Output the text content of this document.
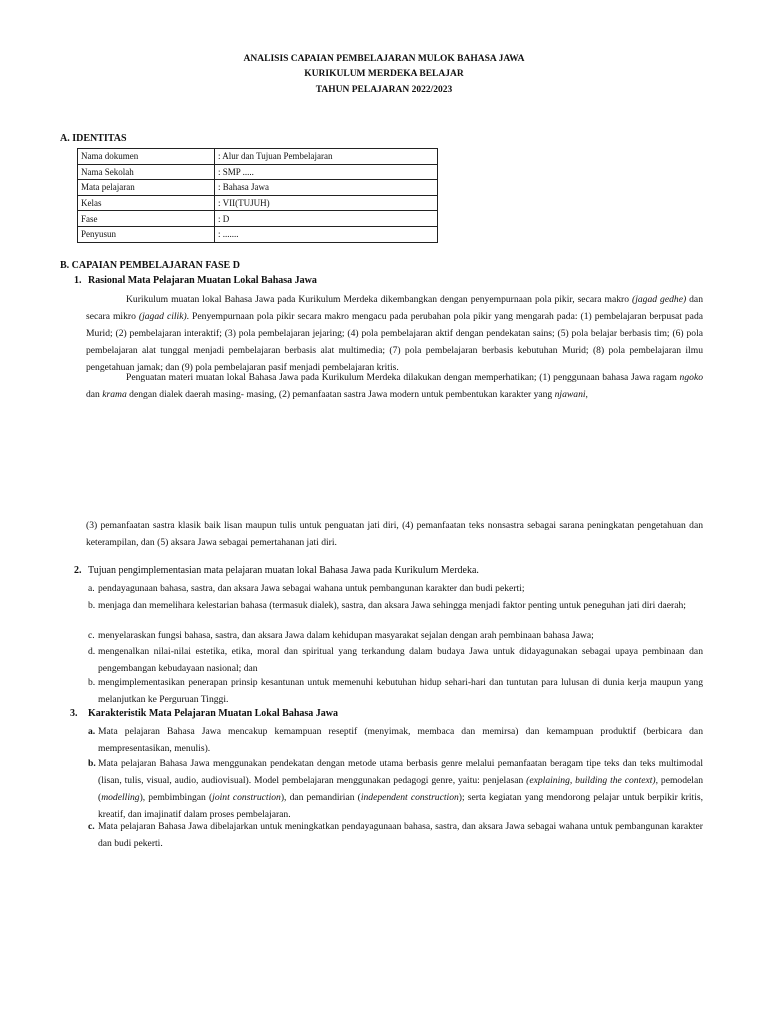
ANALISIS CAPAIAN PEMBELAJARAN MULOK BAHASA JAWA
KURIKULUM MERDEKA BELAJAR
TAHUN PELAJARAN 2022/2023
A. IDENTITAS
Nama dokumen	: Alur dan Tujuan Pembelajaran
Nama Sekolah	: SMP .....
Mata pelajaran	: Bahasa Jawa
Kelas	: VII(TUJUH)
Fase	: D
Penyusun	: .......
B. CAPAIAN PEMBELAJARAN FASE D
1. Rasional Mata Pelajaran Muatan Lokal Bahasa Jawa
Kurikulum muatan lokal Bahasa Jawa pada Kurikulum Merdeka dikembangkan dengan penyempurnaan pola pikir, secara makro (jagad gedhe) dan secara mikro (jagad cilik). Penyempurnaan pola pikir secara makro mengacu pada perubahan pola pikir yang mengarah pada: (1) pembelajaran berpusat pada Murid; (2) pembelajaran interaktif; (3) pola pembelajaran jejaring; (4) pola pembelajaran aktif dengan pendekatan sains; (5) pola belajar berbasis tim; (6) pola pembelajaran alat tunggal menjadi pembelajaran berbasis alat multimedia; (7) pola pembelajaran berbasis kebutuhan Murid; (8) pola pembelajaran ilmu pengetahuan jamak; dan (9) pola pembelajaran pasif menjadi pembelajaran kritis.
Penguatan materi muatan lokal Bahasa Jawa pada Kurikulum Merdeka dilakukan dengan memperhatikan; (1) penggunaan bahasa Jawa ragam ngoko dan krama dengan dialek daerah masing- masing, (2) pemanfaatan sastra Jawa modern untuk pembentukan karakter yang njawani,
(3) pemanfaatan sastra klasik baik lisan maupun tulis untuk penguatan jati diri, (4) pemanfaatan teks nonsastra sebagai sarana peningkatan pengetahuan dan keterampilan, dan (5) aksara Jawa sebagai pemertahanan jati diri.
2. Tujuan pengimplementasian mata pelajaran muatan lokal Bahasa Jawa pada Kurikulum Merdeka.
a. pendayagunaan bahasa, sastra, dan aksara Jawa sebagai wahana untuk pembangunan karakter dan budi pekerti;
b. menjaga dan memelihara kelestarian bahasa (termasuk dialek), sastra, dan aksara Jawa sehingga menjadi faktor penting untuk peneguhan jati diri daerah;
c. menyelaraskan fungsi bahasa, sastra, dan aksara Jawa dalam kehidupan masyarakat sejalan dengan arah pembinaan bahasa Jawa;
d. mengenalkan nilai-nilai estetika, etika, moral dan spiritual yang terkandung dalam budaya Jawa untuk didayagunakan sebagai upaya pembinaan dan pengembangan kebudayaan nasional; dan
b. mengimplementasikan penerapan prinsip kesantunan untuk memenuhi kebutuhan hidup sehari-hari dan tuntutan para lulusan di dunia kerja maupun yang melanjutkan ke Perguruan Tinggi.
3. Karakteristik Mata Pelajaran Muatan Lokal Bahasa Jawa
a. Mata pelajaran Bahasa Jawa mencakup kemampuan reseptif (menyimak, membaca dan memirsa) dan kemampuan produktif (berbicara dan mempresentasikan, menulis).
b. Mata pelajaran Bahasa Jawa menggunakan pendekatan dengan metode utama berbasis genre melalui pemanfaatan beragam tipe teks dan teks multimodal (lisan, tulis, visual, audio, audiovisual). Model pembelajaran menggunakan pedagogi genre, yaitu: penjelasan (explaining, building the context), pemodelan (modelling), pembimbingan (joint construction), dan pemandirian (independent construction); serta kegiatan yang mendorong pelajar untuk berpikir kritis, kreatif, dan imajinatif dalam proses pembelajaran.
c. Mata pelajaran Bahasa Jawa dibelajarkan untuk meningkatkan pendayagunaan bahasa, sastra, dan aksara Jawa sebagai wahana untuk pembangunan karakter dan budi pekerti.
